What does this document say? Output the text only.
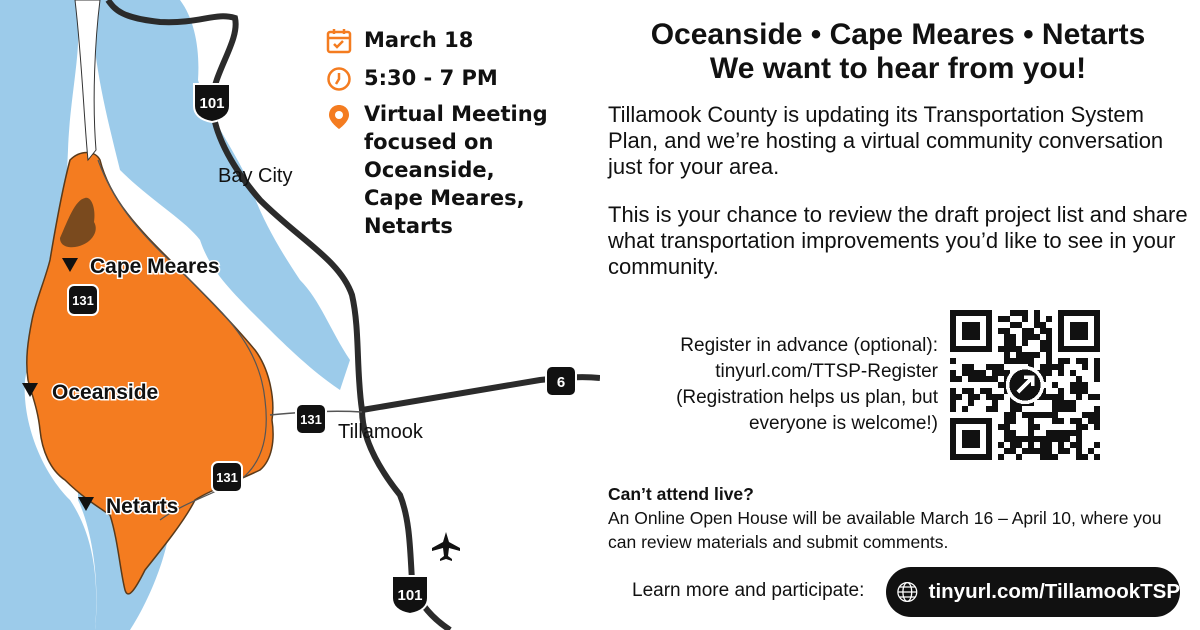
101
131
131
131
6
101
Bay City
Tillamook
Cape Meares
Oceanside
Netarts
March 18
5:30 - 7 PM
Virtual Meeting
focused on
Oceanside,
Cape Meares,
Netarts
Oceanside • Cape Meares • Netarts
We want to hear from you!

Tillamook County is updating its Transportation System Plan, and we’re hosting a virtual community conversation just for your area.

This is your chance to review the draft project list and share what transportation improvements you’d like to see in your community.

Register in advance (optional):
tinyurl.com/TTSP-Register
(Registration helps us plan, but
everyone is welcome!)
Can’t attend live?
An Online Open House will be available March 16 – April 10, where you can review materials and submit comments.
Learn more and participate:	tinyurl.com/TillamookTSP
